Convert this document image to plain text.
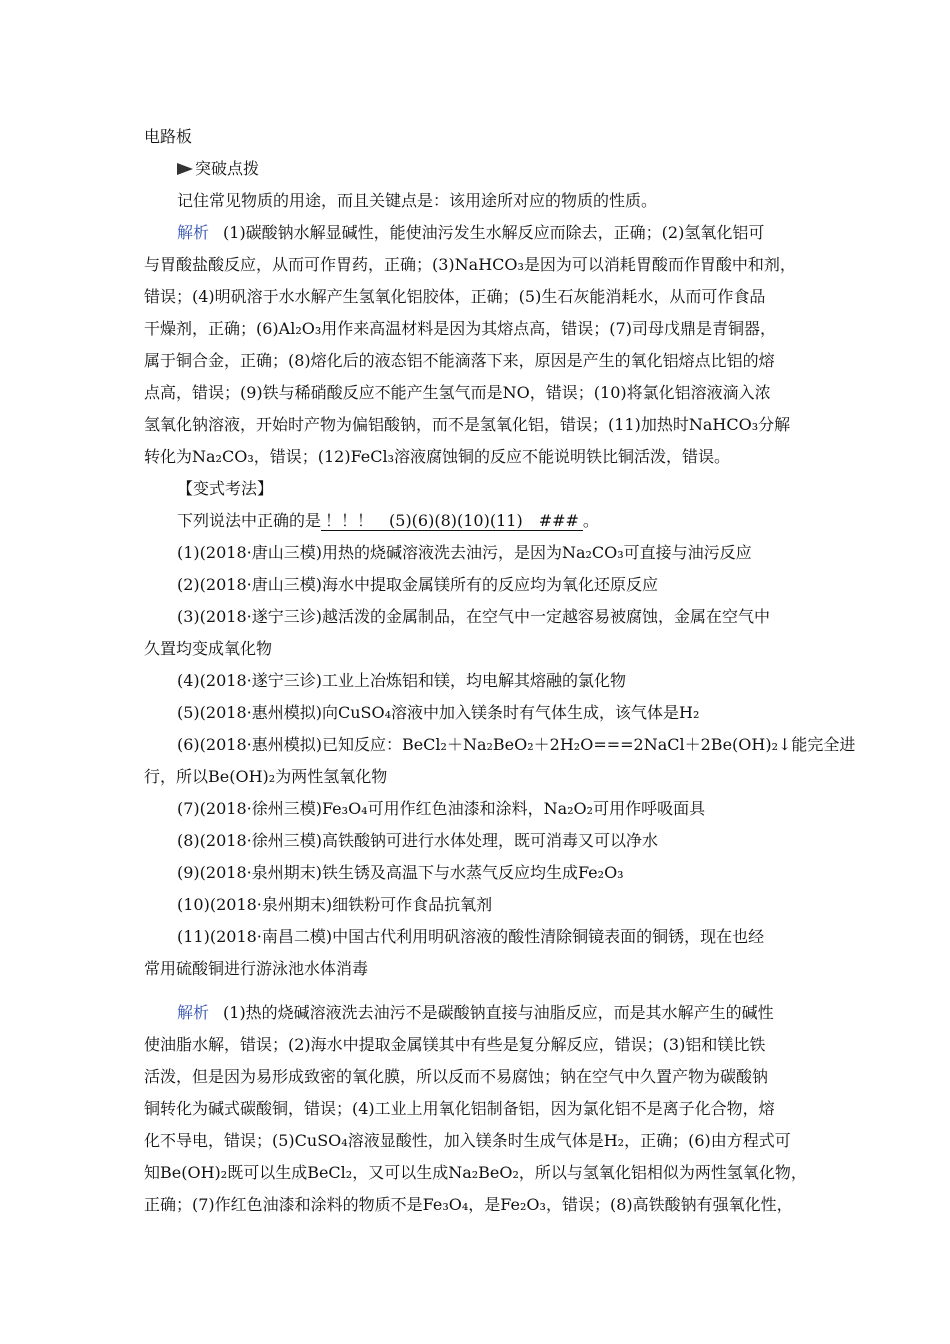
电路板
突破点拨
记住常见物质的用途，而且关键点是：该用途所对应的物质的性质。
解析 (1)碳酸钠水解显碱性，能使油污发生水解反应而除去，正确；(2)氢氧化铝可
与胃酸盐酸反应，从而可作胃药，正确；(3)NaHCO₃是因为可以消耗胃酸而作胃酸中和剂，
错误；(4)明矾溶于水水解产生氢氧化铝胶体，正确；(5)生石灰能消耗水，从而可作食品
干燥剂，正确；(6)Al₂O₃用作来高温材料是因为其熔点高，错误；(7)司母戊鼎是青铜器，
属于铜合金，正确；(8)熔化后的液态铝不能滴落下来，原因是产生的氧化铝熔点比铝的熔
点高，错误；(9)铁与稀硝酸反应不能产生氢气而是NO，错误；(10)将氯化铝溶液滴入浓
氢氧化钠溶液，开始时产物为偏铝酸钠，而不是氢氧化铝，错误；(11)加热时NaHCO₃分解
转化为Na₂CO₃，错误；(12)FeCl₃溶液腐蚀铜的反应不能说明铁比铜活泼，错误。
【变式考法】
下列说法中正确的是 ！！！　(5)(6)(8)(10)(11)　### 。
(1)(2018·唐山三模)用热的烧碱溶液洗去油污，是因为Na₂CO₃可直接与油污反应
(2)(2018·唐山三模)海水中提取金属镁所有的反应均为氧化还原反应
(3)(2018·遂宁三诊)越活泼的金属制品，在空气中一定越容易被腐蚀，金属在空气中
久置均变成氧化物
(4)(2018·遂宁三诊)工业上冶炼铝和镁，均电解其熔融的氯化物
(5)(2018·惠州模拟)向CuSO₄溶液中加入镁条时有气体生成，该气体是H₂
(6)(2018·惠州模拟)已知反应：BeCl₂＋Na₂BeO₂＋2H₂O===2NaCl＋2Be(OH)₂↓能完全进
行，所以Be(OH)₂为两性氢氧化物
(7)(2018·徐州三模)Fe₃O₄可用作红色油漆和涂料，Na₂O₂可用作呼吸面具
(8)(2018·徐州三模)高铁酸钠可进行水体处理，既可消毒又可以净水
(9)(2018·泉州期末)铁生锈及高温下与水蒸气反应均生成Fe₂O₃
(10)(2018·泉州期末)细铁粉可作食品抗氧剂
(11)(2018·南昌二模)中国古代利用明矾溶液的酸性清除铜镜表面的铜锈，现在也经
常用硫酸铜进行游泳池水体消毒
解析 (1)热的烧碱溶液洗去油污不是碳酸钠直接与油脂反应，而是其水解产生的碱性
使油脂水解，错误；(2)海水中提取金属镁其中有些是复分解反应，错误；(3)铝和镁比铁
活泼，但是因为易形成致密的氧化膜，所以反而不易腐蚀；钠在空气中久置产物为碳酸钠
铜转化为碱式碳酸铜，错误；(4)工业上用氧化铝制备铝，因为氯化铝不是离子化合物，熔
化不导电，错误；(5)CuSO₄溶液显酸性，加入镁条时生成气体是H₂，正确；(6)由方程式可
知Be(OH)₂既可以生成BeCl₂，又可以生成Na₂BeO₂，所以与氢氧化铝相似为两性氢氧化物，
正确；(7)作红色油漆和涂料的物质不是Fe₃O₄，是Fe₂O₃，错误；(8)高铁酸钠有强氧化性，
